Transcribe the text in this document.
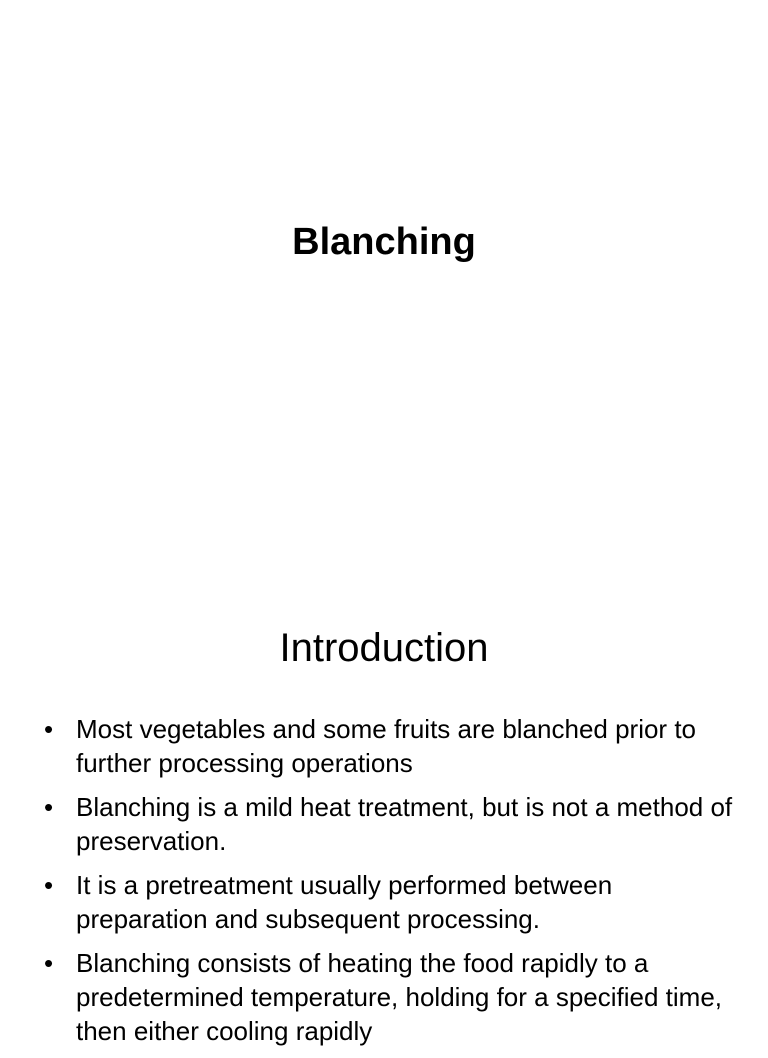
Blanching
Introduction
• Most vegetables and some fruits are blanched prior to further processing operations
• Blanching is a mild heat treatment, but is not a method of preservation.
• It is a pretreatment usually performed between preparation and subsequent processing.
• Blanching consists of heating the food rapidly to a predetermined temperature, holding for a specified time, then either cooling rapidly
